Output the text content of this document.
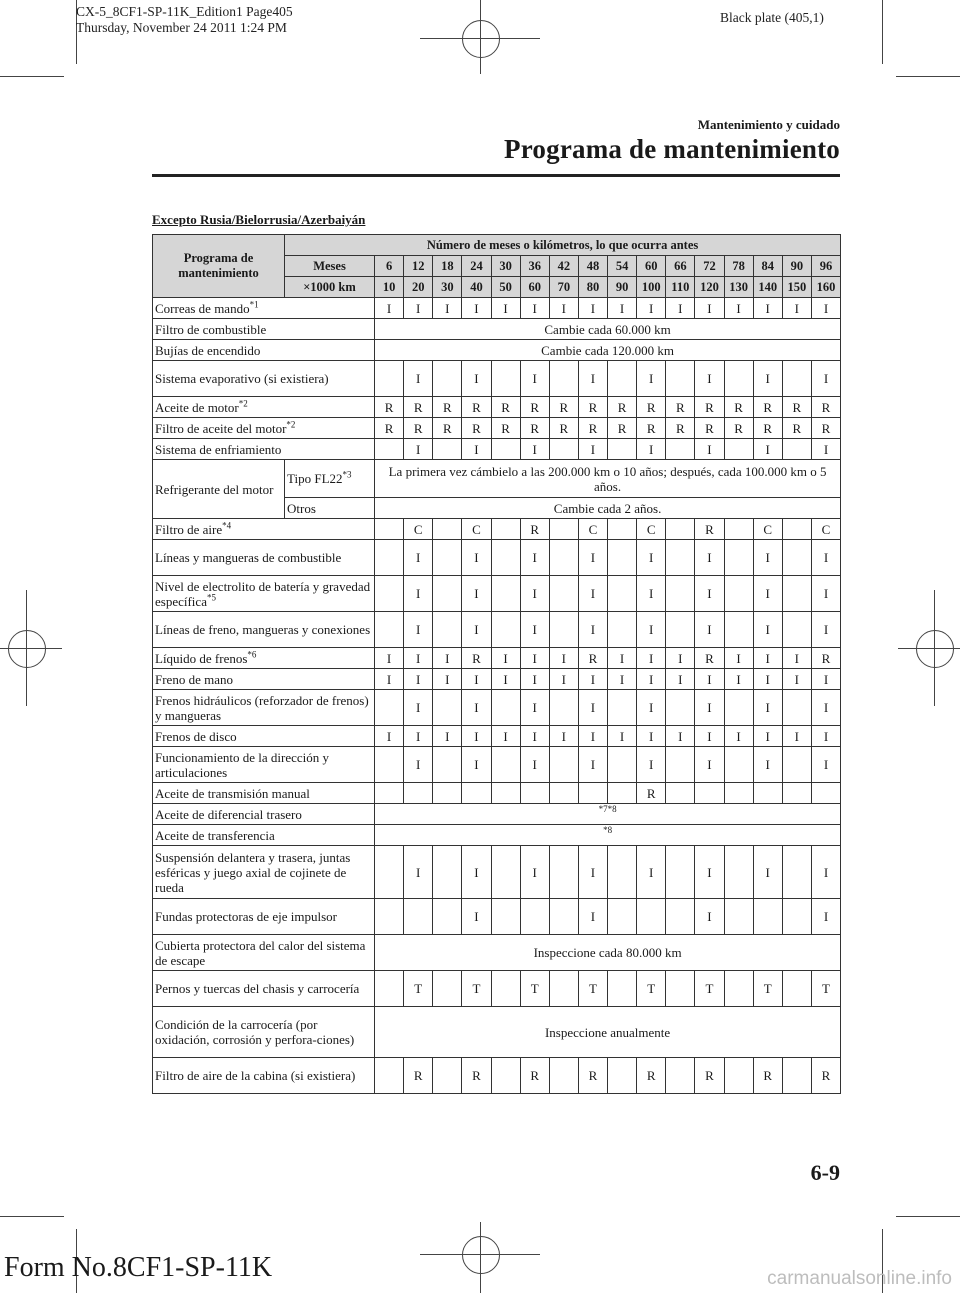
CX-5_8CF1-SP-11K_Edition1 Page405
Thursday, November 24 2011 1:24 PM
Black plate (405,1)
Mantenimiento y cuidado
Programa de mantenimiento
Excepto Rusia/Bielorrusia/Azerbaiyán
Programa de mantenimiento	Número de meses o kilómetros, lo que ocurra antes																
	Meses	6	12	18	24	30	36	42	48	54	60	66	72	78	84	90	96
	×1000 km	10	20	30	40	50	60	70	80	90	100	110	120	130	140	150	160
Correas de mando$^{*1}$		I	I	I	I	I	I	I	I	I	I	I	I	I	I	I	I
Filtro de combustible		Cambie cada 60.000 km															
Bujías de encendido		Cambie cada 120.000 km															
Sistema evaporativo (si existiera)			I		I		I		I		I		I		I		I
Aceite de motor$^{*2}$		R	R	R	R	R	R	R	R	R	R	R	R	R	R	R	R
Filtro de aceite del motor$^{*2}$		R	R	R	R	R	R	R	R	R	R	R	R	R	R	R	R
Sistema de enfriamiento			I		I		I		I		I		I		I		I
Refrigerante del motor	Tipo FL22$^{*3}$	La primera vez cámbielo a las 200.000 km o 10 años; después, cada 100.000 km o 5 años.															
	Otros	Cambie cada 2 años.															
Filtro de aire$^{*4}$			C		C		R		C		C		R		C		C
Líneas y mangueras de combustible			I		I		I		I		I		I		I		I
Nivel de electrolito de batería y gravedad específica$^{*5}$			I		I		I		I		I		I		I		I
Líneas de freno, mangueras y conexiones			I		I		I		I		I		I		I		I
Líquido de frenos$^{*6}$		I	I	I	R	I	I	I	R	I	I	I	R	I	I	I	R
Freno de mano		I	I	I	I	I	I	I	I	I	I	I	I	I	I	I	I
Frenos hidráulicos (reforzador de frenos) y mangueras			I		I		I		I		I		I		I		I
Frenos de disco		I	I	I	I	I	I	I	I	I	I	I	I	I	I	I	I
Funcionamiento de la dirección y articulaciones			I		I		I		I		I		I		I		I
Aceite de transmisión manual											R						
Aceite de diferencial trasero		*7*8															
Aceite de transferencia		*8															
Suspensión delantera y trasera, juntas esféricas y juego axial de cojinete de rueda			I		I		I		I		I		I		I		I
Fundas protectoras de eje impulsor					I				I				I				I
Cubierta protectora del calor del sistema de escape		Inspeccione cada 80.000 km															
Pernos y tuercas del chasis y carrocería			T		T		T		T		T		T		T		T
Condición de la carrocería (por oxidación, corrosión y perfora-ciones)		Inspeccione anualmente															
Filtro de aire de la cabina (si existiera)			R		R		R		R		R		R		R		R
6-9
Form No.8CF1-SP-11K	carmanualsonline.info
